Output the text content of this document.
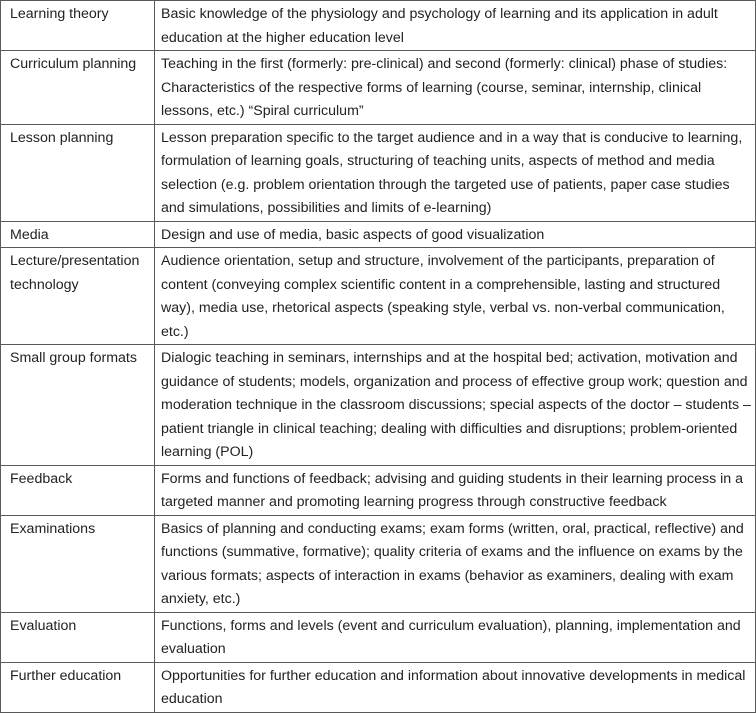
Learning theory	Basic knowledge of the physiology and psychology of learning and its application in adult education at the higher education level
Curriculum planning	Teaching in the first (formerly: pre-clinical) and second (formerly: clinical) phase of studies: Characteristics of the respective forms of learning (course, seminar, internship, clinical lessons, etc.) “Spiral curriculum”
Lesson planning	Lesson preparation specific to the target audience and in a way that is conducive to learning, formulation of learning goals, structuring of teaching units, aspects of method and media selection (e.g. problem orientation through the targeted use of patients, paper case studies and simulations, possibilities and limits of e-learning)
Media	Design and use of media, basic aspects of good visualization
Lecture/presentation technology	Audience orientation, setup and structure, involvement of the participants, preparation of content (conveying complex scientific content in a comprehensible, lasting and structured way), media use, rhetorical aspects (speaking style, verbal vs. non-verbal communication, etc.)
Small group formats	Dialogic teaching in seminars, internships and at the hospital bed; activation, motivation and guidance of students; models, organization and process of effective group work; question and moderation technique in the classroom discussions; special aspects of the doctor – students – patient triangle in clinical teaching; dealing with difficulties and disruptions; problem-oriented learning (POL)
Feedback	Forms and functions of feedback; advising and guiding students in their learning process in a targeted manner and promoting learning progress through constructive feedback
Examinations	Basics of planning and conducting exams; exam forms (written, oral, practical, reflective) and functions (summative, formative); quality criteria of exams and the influence on exams by the various formats; aspects of interaction in exams (behavior as examiners, dealing with exam anxiety, etc.)
Evaluation	Functions, forms and levels (event and curriculum evaluation), planning, implementation and evaluation
Further education	Opportunities for further education and information about innovative developments in medical education
